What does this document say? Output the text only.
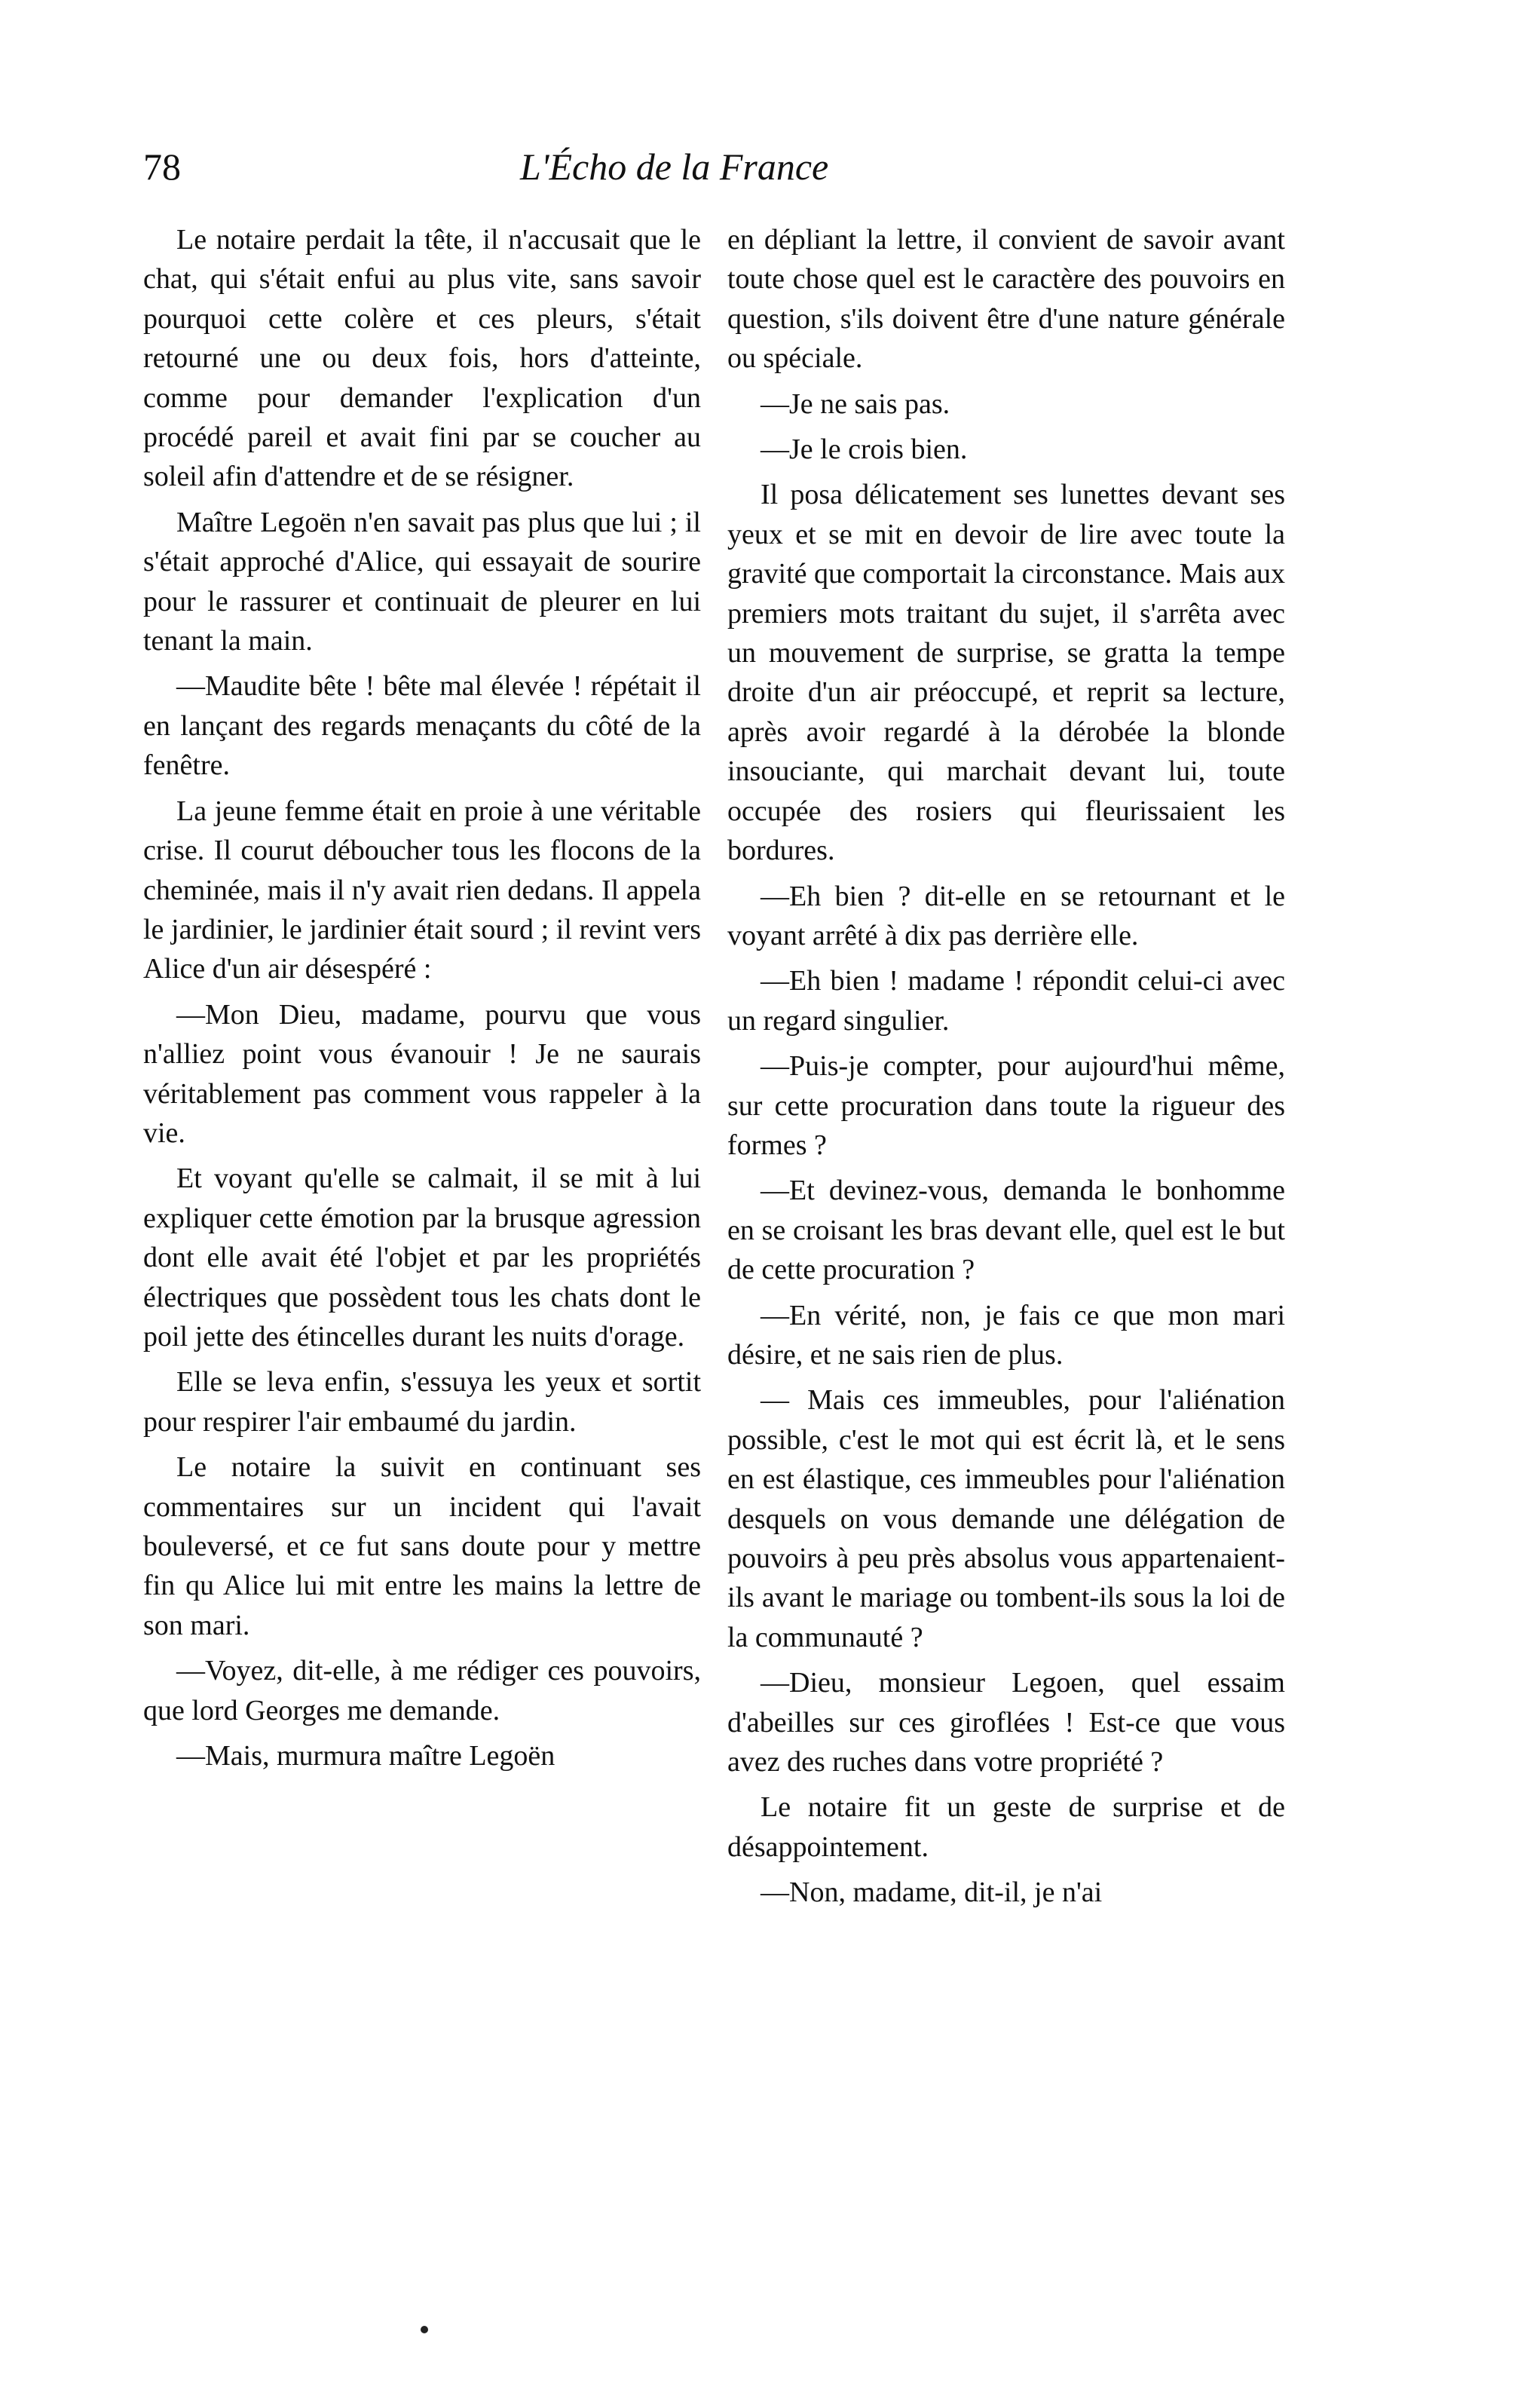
78	L'Écho de la France

Le notaire perdait la tête, il n'accusait que le chat, qui s'était enfui au plus vite, sans savoir pourquoi cette colère et ces pleurs, s'était retourné une ou deux fois, hors d'atteinte, comme pour demander l'explication d'un procédé pareil et avait fini par se coucher au soleil afin d'attendre et de se résigner.

Maître Legoën n'en savait pas plus que lui ; il s'était approché d'Alice, qui essayait de sourire pour le rassurer et continuait de pleurer en lui tenant la main.

—Maudite bête ! bête mal élevée ! répétait il en lançant des regards menaçants du côté de la fenêtre.

La jeune femme était en proie à une véritable crise. Il courut déboucher tous les flocons de la cheminée, mais il n'y avait rien dedans. Il appela le jardinier, le jardinier était sourd ; il revint vers Alice d'un air désespéré :

—Mon Dieu, madame, pourvu que vous n'alliez point vous évanouir ! Je ne saurais véritablement pas comment vous rappeler à la vie.

Et voyant qu'elle se calmait, il se mit à lui expliquer cette émotion par la brusque agression dont elle avait été l'objet et par les propriétés électriques que possèdent tous les chats dont le poil jette des étincelles durant les nuits d'orage.

Elle se leva enfin, s'essuya les yeux et sortit pour respirer l'air embaumé du jardin.

Le notaire la suivit en continuant ses commentaires sur un incident qui l'avait bouleversé, et ce fut sans doute pour y mettre fin qu Alice lui mit entre les mains la lettre de son mari.

—Voyez, dit-elle, à me rédiger ces pouvoirs, que lord Georges me demande.

—Mais, murmura maître Legoën

en dépliant la lettre, il convient de savoir avant toute chose quel est le caractère des pouvoirs en question, s'ils doivent être d'une nature générale ou spéciale.

—Je ne sais pas.

—Je le crois bien.

Il posa délicatement ses lunettes devant ses yeux et se mit en devoir de lire avec toute la gravité que comportait la circonstance. Mais aux premiers mots traitant du sujet, il s'arrêta avec un mouvement de surprise, se gratta la tempe droite d'un air préoccupé, et reprit sa lecture, après avoir regardé à la dérobée la blonde insouciante, qui marchait devant lui, toute occupée des rosiers qui fleurissaient les bordures.

—Eh bien ? dit-elle en se retournant et le voyant arrêté à dix pas derrière elle.

—Eh bien ! madame ! répondit celui-ci avec un regard singulier.

—Puis-je compter, pour aujourd'hui même, sur cette procuration dans toute la rigueur des formes ?

—Et devinez-vous, demanda le bonhomme en se croisant les bras devant elle, quel est le but de cette procuration ?

—En vérité, non, je fais ce que mon mari désire, et ne sais rien de plus.

— Mais ces immeubles, pour l'aliénation possible, c'est le mot qui est écrit là, et le sens en est élastique, ces immeubles pour l'aliénation desquels on vous demande une délégation de pouvoirs à peu près absolus vous appartenaient-ils avant le mariage ou tombent-ils sous la loi de la communauté ?

—Dieu, monsieur Legoen, quel essaim d'abeilles sur ces giroflées ! Est-ce que vous avez des ruches dans votre propriété ?

Le notaire fit un geste de surprise et de désappointement.

—Non, madame, dit-il, je n'ai
